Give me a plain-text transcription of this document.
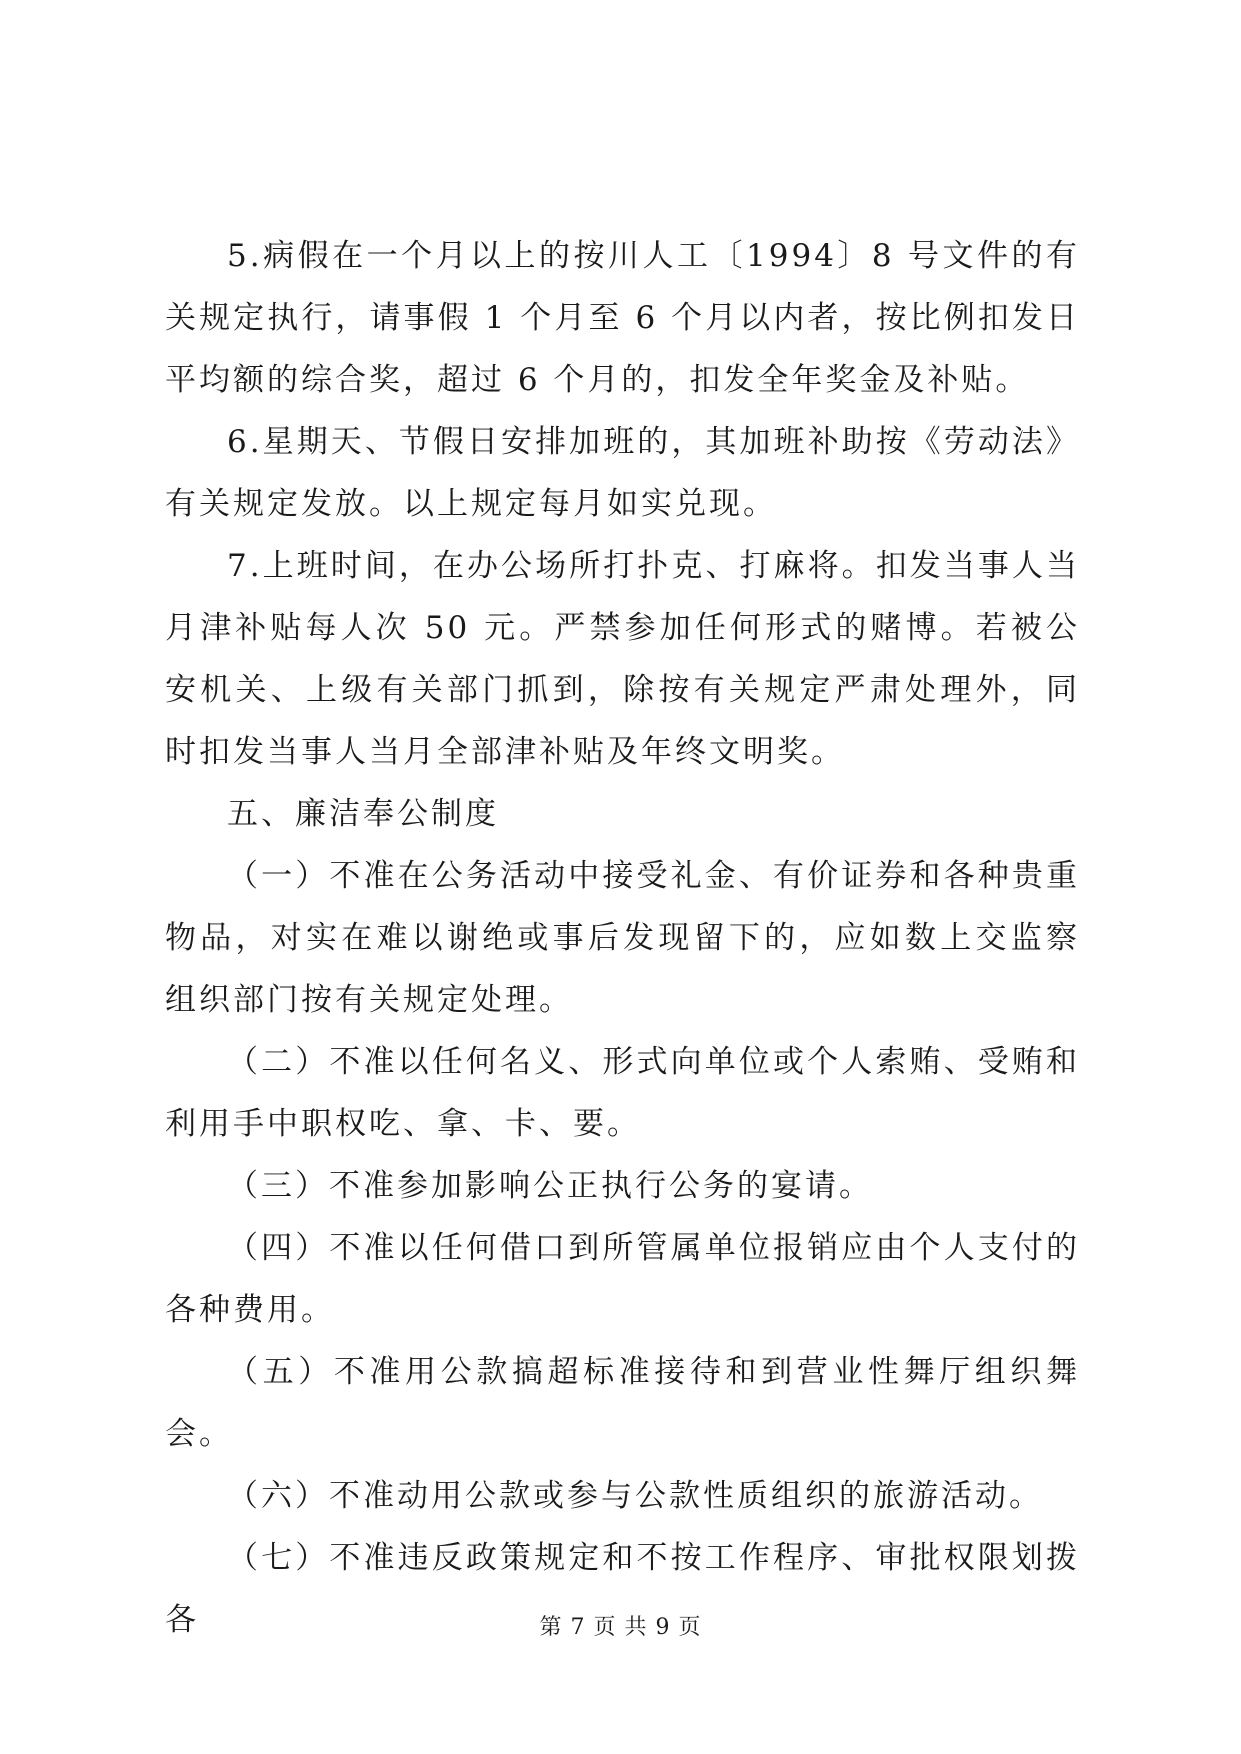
5.病假在一个月以上的按川人工〔1994〕8 号文件的有关规定执行，请事假 1 个月至 6 个月以内者，按比例扣发日平均额的综合奖，超过 6 个月的，扣发全年奖金及补贴。

6.星期天、节假日安排加班的，其加班补助按《劳动法》有关规定发放。以上规定每月如实兑现。

7.上班时间，在办公场所打扑克、打麻将。扣发当事人当月津补贴每人次 50 元。严禁参加任何形式的赌博。若被公安机关、上级有关部门抓到，除按有关规定严肃处理外，同时扣发当事人当月全部津补贴及年终文明奖。

五、廉洁奉公制度

（一）不准在公务活动中接受礼金、有价证券和各种贵重物品，对实在难以谢绝或事后发现留下的，应如数上交监察组织部门按有关规定处理。

（二）不准以任何名义、形式向单位或个人索贿、受贿和利用手中职权吃、拿、卡、要。

（三）不准参加影响公正执行公务的宴请。

（四）不准以任何借口到所管属单位报销应由个人支付的各种费用。

（五）不准用公款搞超标准接待和到营业性舞厅组织舞会。

（六）不准动用公款或参与公款性质组织的旅游活动。

（七）不准违反政策规定和不按工作程序、审批权限划拨各	第 7 页 共 9 页
